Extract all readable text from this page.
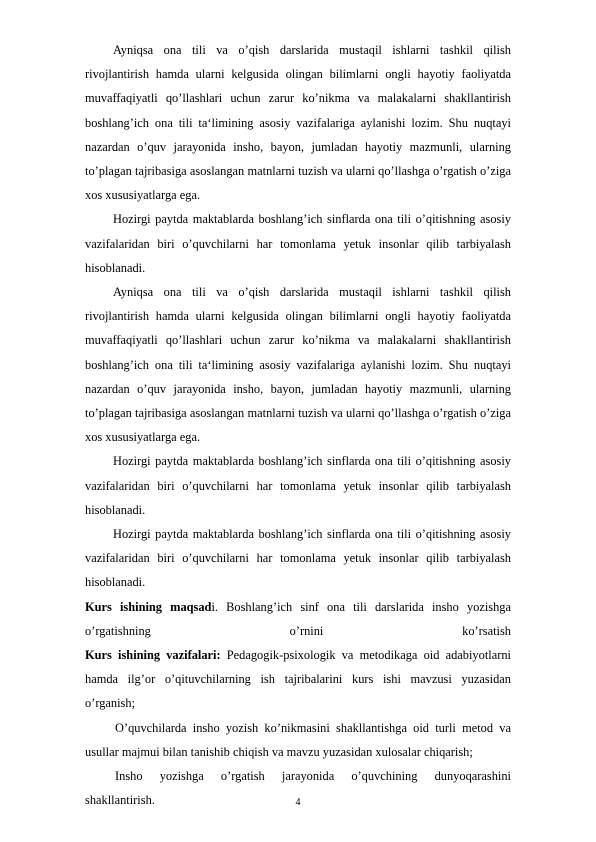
Ayniqsa ona tili va o’qish darslarida mustaqil ishlarni tashkil qilish rivojlantirish hamda ularni kelgusida olingan bilimlarni ongli hayotiy faoliyatda muvaffaqiyatli qo’llashlari uchun zarur ko’nikma va malakalarni shakllantirish boshlang’ich ona tili ta‘limining asosiy vazifalariga aylanishi lozim. Shu nuqtayi nazardan o’quv jarayonida insho, bayon, jumladan hayotiy mazmunli, ularning to’plagan tajribasiga asoslangan matnlarni tuzish va ularni qo’llashga o’rgatish o’ziga xos xususiyatlarga ega.

Hozirgi paytda maktablarda boshlang’ich sinflarda ona tili o’qitishning asosiy vazifalaridan biri o’quvchilarni har tomonlama yetuk insonlar qilib tarbiyalash hisoblanadi.

Ayniqsa ona tili va o’qish darslarida mustaqil ishlarni tashkil qilish rivojlantirish hamda ularni kelgusida olingan bilimlarni ongli hayotiy faoliyatda muvaffaqiyatli qo’llashlari uchun zarur ko’nikma va malakalarni shakllantirish boshlang’ich ona tili ta‘limining asosiy vazifalariga aylanishi lozim. Shu nuqtayi nazardan o’quv jarayonida insho, bayon, jumladan hayotiy mazmunli, ularning to’plagan tajribasiga asoslangan matnlarni tuzish va ularni qo’llashga o’rgatish o’ziga xos xususiyatlarga ega.

Hozirgi paytda maktablarda boshlang’ich sinflarda ona tili o’qitishning asosiy vazifalaridan biri o’quvchilarni har tomonlama yetuk insonlar qilib tarbiyalash hisoblanadi.

Hozirgi paytda maktablarda boshlang’ich sinflarda ona tili o’qitishning asosiy vazifalaridan biri o’quvchilarni har tomonlama yetuk insonlar qilib tarbiyalash hisoblanadi.

Kurs ishining maqsadi. Boshlang’ich sinf ona tili darslarida insho yozishga

o’rgatishning	o’rnini	ko’rsatish

Kurs ishining vazifalari: Pedagogik-psixologik va metodikaga oid adabiyotlarni hamda ilg’or o’qituvchilarning ish tajribalarini kurs ishi mavzusi yuzasidan o’rganish;

O’quvchilarda insho yozish ko’nikmasini shakllantishga oid turli metod va usullar majmui bilan tanishib chiqish va mavzu yuzasidan xulosalar chiqarish;

Insho yozishga o’rgatish jarayonida o’quvchining dunyoqarashini shakllantirish.	4
